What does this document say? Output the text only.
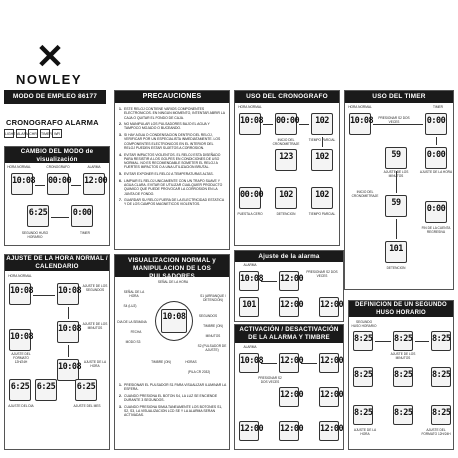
✕
NOWLEY
MODO DE EMPLEO 86177
CRONOGRAFO ALARMA
LIGHT ALARM CHR	TIMER WR
CAMBIO DEL MODO de visualización
HORA NORMAL	CRONOGRAFO	ALARMA
10:08 00:00 12:00
6:25	0:00
SEGUNDO HUSO HORARIO
TIMER
AJUSTE DE LA HORA NORMAL / CALENDARIO
HORA NORMAL
10:08	10:08 AJUSTE DE LOS SEGUNDOS
10:08 AJUSTE DE LOS MINUTOS
10:08
AJUSTE DEL FORMATO 12H/24H
10:08 AJUSTE DE LA HORA
6:25 6:25	6:25
AJUSTE DEL DIA	AJUSTE DEL MES
PRECAUCIONES

1. ESTE RELOJ CONTIENE VARIOS COMPONENTES ELECTRONICOS. EN NINGUN MOMENTO, INTENTAR ABRIR LA CAJA O QUITAR EL FONDO DE CAJA.

2. NO MANIPULAR LOS PULSADORES BAJO EL AGUA Y TAMPOCO MOJADO O BUCEANDO.

3. SI HAY AGUA O CONDENSACION DENTRO DEL RELOJ, VERIFICAR POR UN ESPECIALISTA INMEDIATAMENTE. LOS COMPONENTES ELECTRONICOS EN EL INTERIOR DEL RELOJ PUEDEN ESTAR SUJETOS A CORROSION.

4. EVITAR IMPACTOS VIOLENTOS. EL RELOJ ESTA DISEÑADO PARA RESISTIR A LOS GOLPES EN CONDICIONES DE USO NORMAL. NO ES RECOMENDABLE SOMETER EL RELOJ A FUERTES IMPACTOS O A UNA UTILIZACION BRUTAL.

5. EVITAR EXPONER EL RELOJ A TEMPERATURAS ALTAS.

6. LIMPIAR EL RELOJ UNICAMENTE CON UN TRAPO SUAVE Y AGUA CLARA. EVITAR DE UTILIZAR CUALQUIER PRODUCTO QUIMICO QUE PUEDE PROVOCAR LA CORROSION EN LA JUNTA DE FONDO.

7. GUARDAR SU RELOJ FUERA DE LA ELECTRICIDAD ESTATICA Y DE LOS CAMPOS MAGNETICOS VIOLENTOS.

VISUALIZACION NORMAL y MANIPULACION DE LOS PULSADORES
SEÑAL DE LA HORA
SEÑAL DE LA HORA
S4 (LUZ)
S1 (ARRANQUE / DETENCION)
SEGUNDOS
DIA DE LA SEMANA
TIMBRE (ON)
FECHA
MINUTOS
MODO S3
S2 (PULSADOR DE AJUSTE)
10:08
TIMBRE (ON)	HORAS
(PILA CR 2032)

1. PRESIONAR EL PULSADOR S1 PARA VISUALIZAR ILUMINAR LA ESFERA.

2. CUANDO PRESIONA EL BOTON S4, LA LUZ SE ENCIENDE DURANTE 3 SEGUNDOS.

3. CUANDO PRESIONA SIMULTANEAMENTE LOS BOTONES S1, S2, S3, LA VISUALIZACION LCD SE Y LA ALARMA SERAN ACTIVADAS.

USO DEL CRONOGRAFO
HORA NORMAL
10:08 00:00	102
123	102
INICIO DEL CRONOMETRAJE
TIEMPO PARCIAL
00:00	102	102
PUESTA A CERO	DETENCION	TIEMPO PARCIAL
USO DEL TIMER
HORA NORMAL	TIMER
10:08	PRESIONAR S2 DOS VECES	0:00
59	0:00
AJUSTE DE LOS MINUTOS
AJUSTE DE LA HORA
59
INICIO DEL CRONOMETRAJE
0:00
FIN DE LA CUENTA REGRESIVA
101
DETENCION
Ajuste de la alarma
ALARMA
10:08 12:00
PRESIONAR S2 DOS VECES
101	12:00 12:00
ACTIVACIÓN / DESACTIVACIÓN DE LA ALARMA Y TIMBRE
ALARMA
10:08 12:00 12:00
PRESIONAR S2 DOS VECES
12:00 12:00
12:00 12:00 12:00
DEFINICION DE UN SEGUNDO HUSO HORARIO
SEGUNDO HUSO HORARIO
8:25	8:25 8:25
AJUSTE DE LOS MINUTOS
8:25	8:25 8:25
8:25	8:25 8:25
AJUSTE DE LA HORA
AJUSTE DEL FORMATO 12H/24H
